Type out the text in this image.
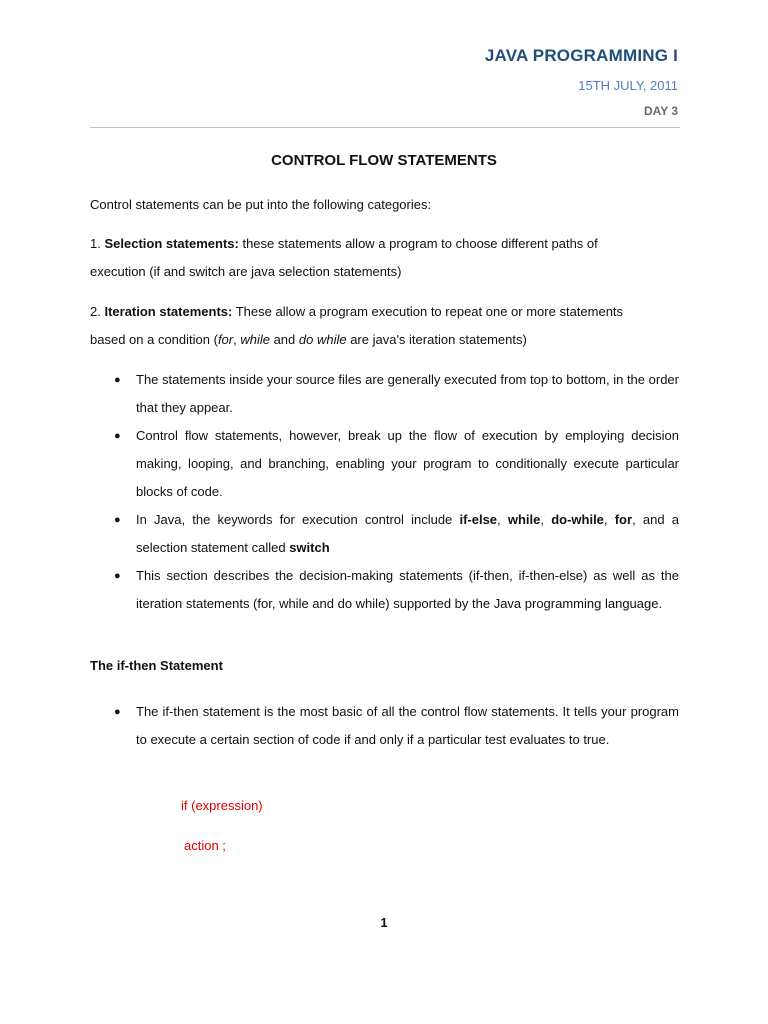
JAVA PROGRAMMING I
15TH JULY, 2011
DAY 3
CONTROL FLOW STATEMENTS
Control statements can be put into the following categories:
1. Selection statements: these statements allow a program to choose different paths of
execution (if and switch are java selection statements)
2. Iteration statements: These allow a program execution to repeat one or more statements
based on a condition (for, while and do while are java's iteration statements)
● The statements inside your source files are generally executed from top to bottom, in the order that they appear.
● Control flow statements, however, break up the flow of execution by employing decision making, looping, and branching, enabling your program to conditionally execute particular blocks of code.
● In Java, the keywords for execution control include if-else, while, do-while, for, and a selection statement called switch
● This section describes the decision-making statements (if-then, if-then-else) as well as the iteration statements (for, while and do while) supported by the Java programming language.
The if-then Statement
● The if-then statement is the most basic of all the control flow statements. It tells your program to execute a certain section of code if and only if a particular test evaluates to true.
if (expression)
action ;
1
